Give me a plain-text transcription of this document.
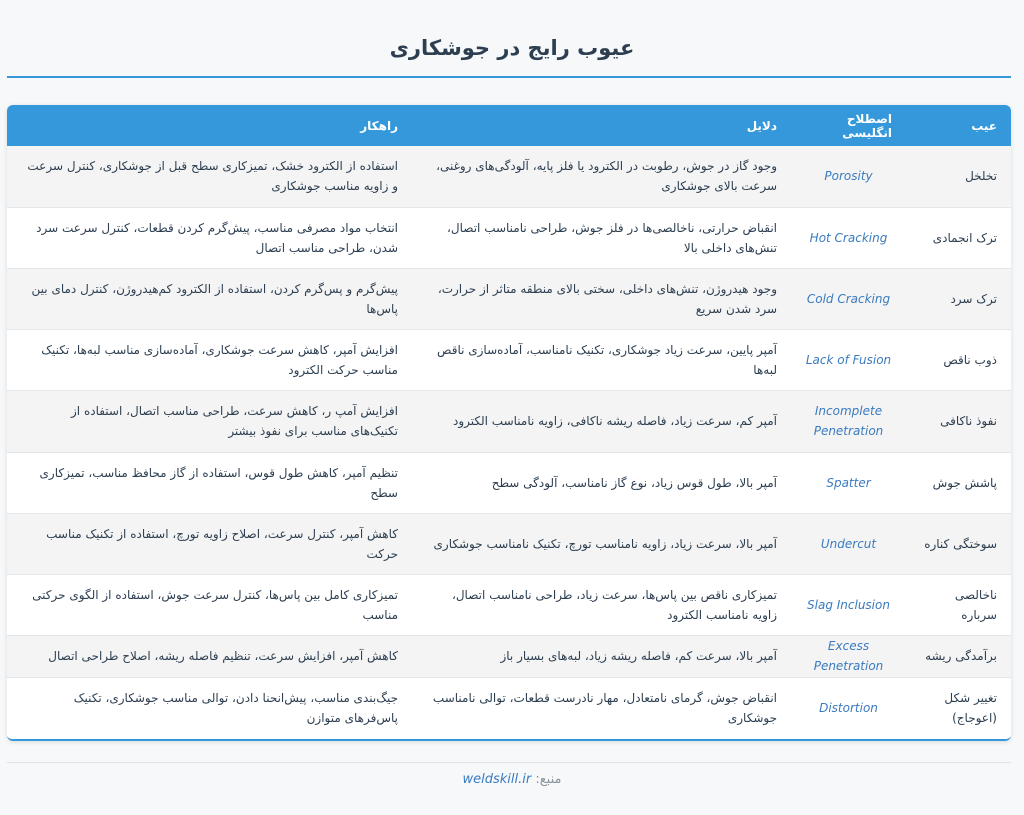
عیوب رایج در جوشکاری
عیب	اصطلاح انگلیسی	دلایل	راهکار
تخلخل	Porosity	وجود گاز در جوش، رطوبت در الکترود یا فلز پایه، آلودگی‌های روغنی، سرعت بالای جوشکاری	استفاده از الکترود خشک، تمیزکاری سطح قبل از جوشکاری، کنترل سرعت و زاویه مناسب جوشکاری
ترک انجمادی	Hot Cracking	انقباض حرارتی، ناخالصی‌ها در فلز جوش، طراحی نامناسب اتصال، تنش‌های داخلی بالا	انتخاب مواد مصرفی مناسب، پیش‌گرم کردن قطعات، کنترل سرعت سرد شدن، طراحی مناسب اتصال
ترک سرد	Cold Cracking	وجود هیدروژن، تنش‌های داخلی، سختی بالای منطقه متاثر از حرارت، سرد شدن سریع	پیش‌گرم و پس‌گرم کردن، استفاده از الکترود کم‌هیدروژن، کنترل دمای بین پاس‌ها
ذوب ناقص	Lack of Fusion	آمپر پایین، سرعت زیاد جوشکاری، تکنیک نامناسب، آماده‌سازی ناقص لبه‌ها	افزایش آمپر، کاهش سرعت جوشکاری، آماده‌سازی مناسب لبه‌ها، تکنیک مناسب حرکت الکترود
نفوذ ناکافی	Incomplete Penetration	آمپر کم، سرعت زیاد، فاصله ریشه ناکافی، زاویه نامناسب الکترود	افزایش آمپ ر، کاهش سرعت، طراحی مناسب اتصال، استفاده از تکنیک‌های مناسب برای نفوذ بیشتر
پاشش جوش	Spatter	آمپر بالا، طول قوس زیاد، نوع گاز نامناسب، آلودگی سطح	تنظیم آمپر، کاهش طول قوس، استفاده از گاز محافظ مناسب، تمیزکاری سطح
سوختگی کناره	Undercut	آمپر بالا، سرعت زیاد، زاویه نامناسب تورچ، تکنیک نامناسب جوشکاری	کاهش آمپر، کنترل سرعت، اصلاح زاویه تورچ، استفاده از تکنیک مناسب حرکت
ناخالصی سرباره	Slag Inclusion	تمیزکاری ناقص بین پاس‌ها، سرعت زیاد، طراحی نامناسب اتصال، زاویه نامناسب الکترود	تمیزکاری کامل بین پاس‌ها، کنترل سرعت جوش، استفاده از الگوی حرکتی مناسب
برآمدگی ریشه	Excess Penetration	آمپر بالا، سرعت کم، فاصله ریشه زیاد، لبه‌های بسیار باز	کاهش آمپر، افزایش سرعت، تنظیم فاصله ریشه، اصلاح طراحی اتصال
تغییر شکل (اعوجاج)	Distortion	انقباض جوش، گرمای نامتعادل، مهار نادرست قطعات، توالی نامناسب جوشکاری	جیگ‌بندی مناسب، پیش‌انحنا دادن، توالی مناسب جوشکاری، تکنیک پاس‌فرهای متوازن
منبع: weldskill.ir
